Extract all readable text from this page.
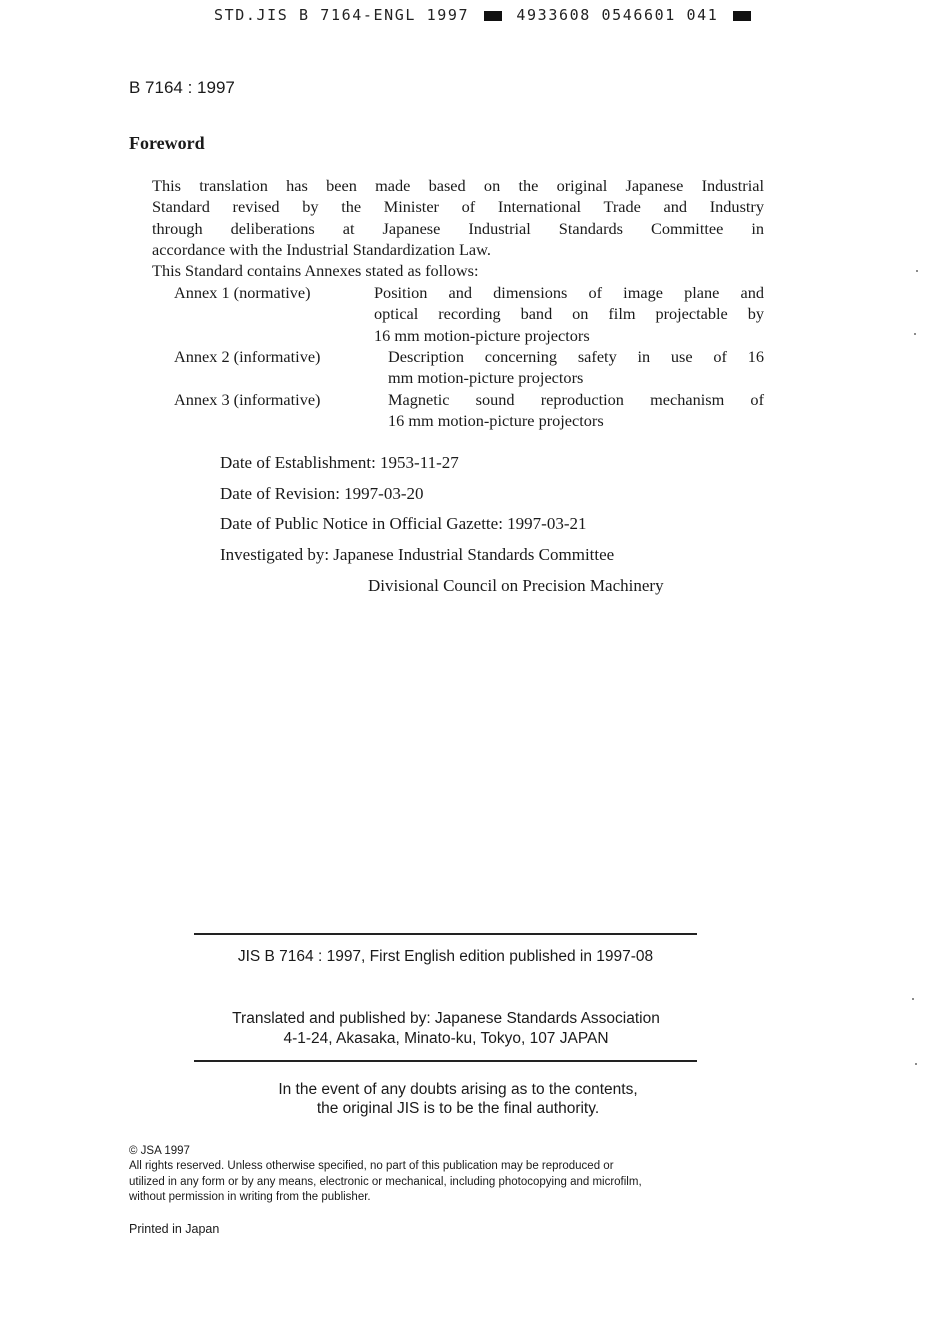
STD.JIS B 7164-ENGL 1997	4933608 0546601 041
B 7164 : 1997
Foreword
This translation has been made based on the original Japanese Industrial
Standard revised by the Minister of International Trade and Industry
through deliberations at Japanese Industrial Standards Committee in
accordance with the Industrial Standardization Law.
This Standard contains Annexes stated as follows:
Annex 1 (normative)	Position and dimensions of image plane and
optical recording band on film projectable by
16 mm motion-picture projectors
Annex 2 (informative)	Description concerning safety in use of 16
mm motion-picture projectors
Annex 3 (informative)	Magnetic sound reproduction mechanism of
16 mm motion-picture projectors
Date of Establishment: 1953-11-27
Date of Revision: 1997-03-20
Date of Public Notice in Official Gazette: 1997-03-21
Investigated by: Japanese Industrial Standards Committee
Divisional Council on Precision Machinery
JIS B 7164 : 1997, First English edition published in 1997-08
Translated and published by: Japanese Standards Association
4-1-24, Akasaka, Minato-ku, Tokyo, 107 JAPAN
In the event of any doubts arising as to the contents,
the original JIS is to be the final authority.
© JSA 1997
All rights reserved. Unless otherwise specified, no part of this publication may be reproduced or
utilized in any form or by any means, electronic or mechanical, including photocopying and microfilm,
without permission in writing from the publisher.
Printed in Japan
